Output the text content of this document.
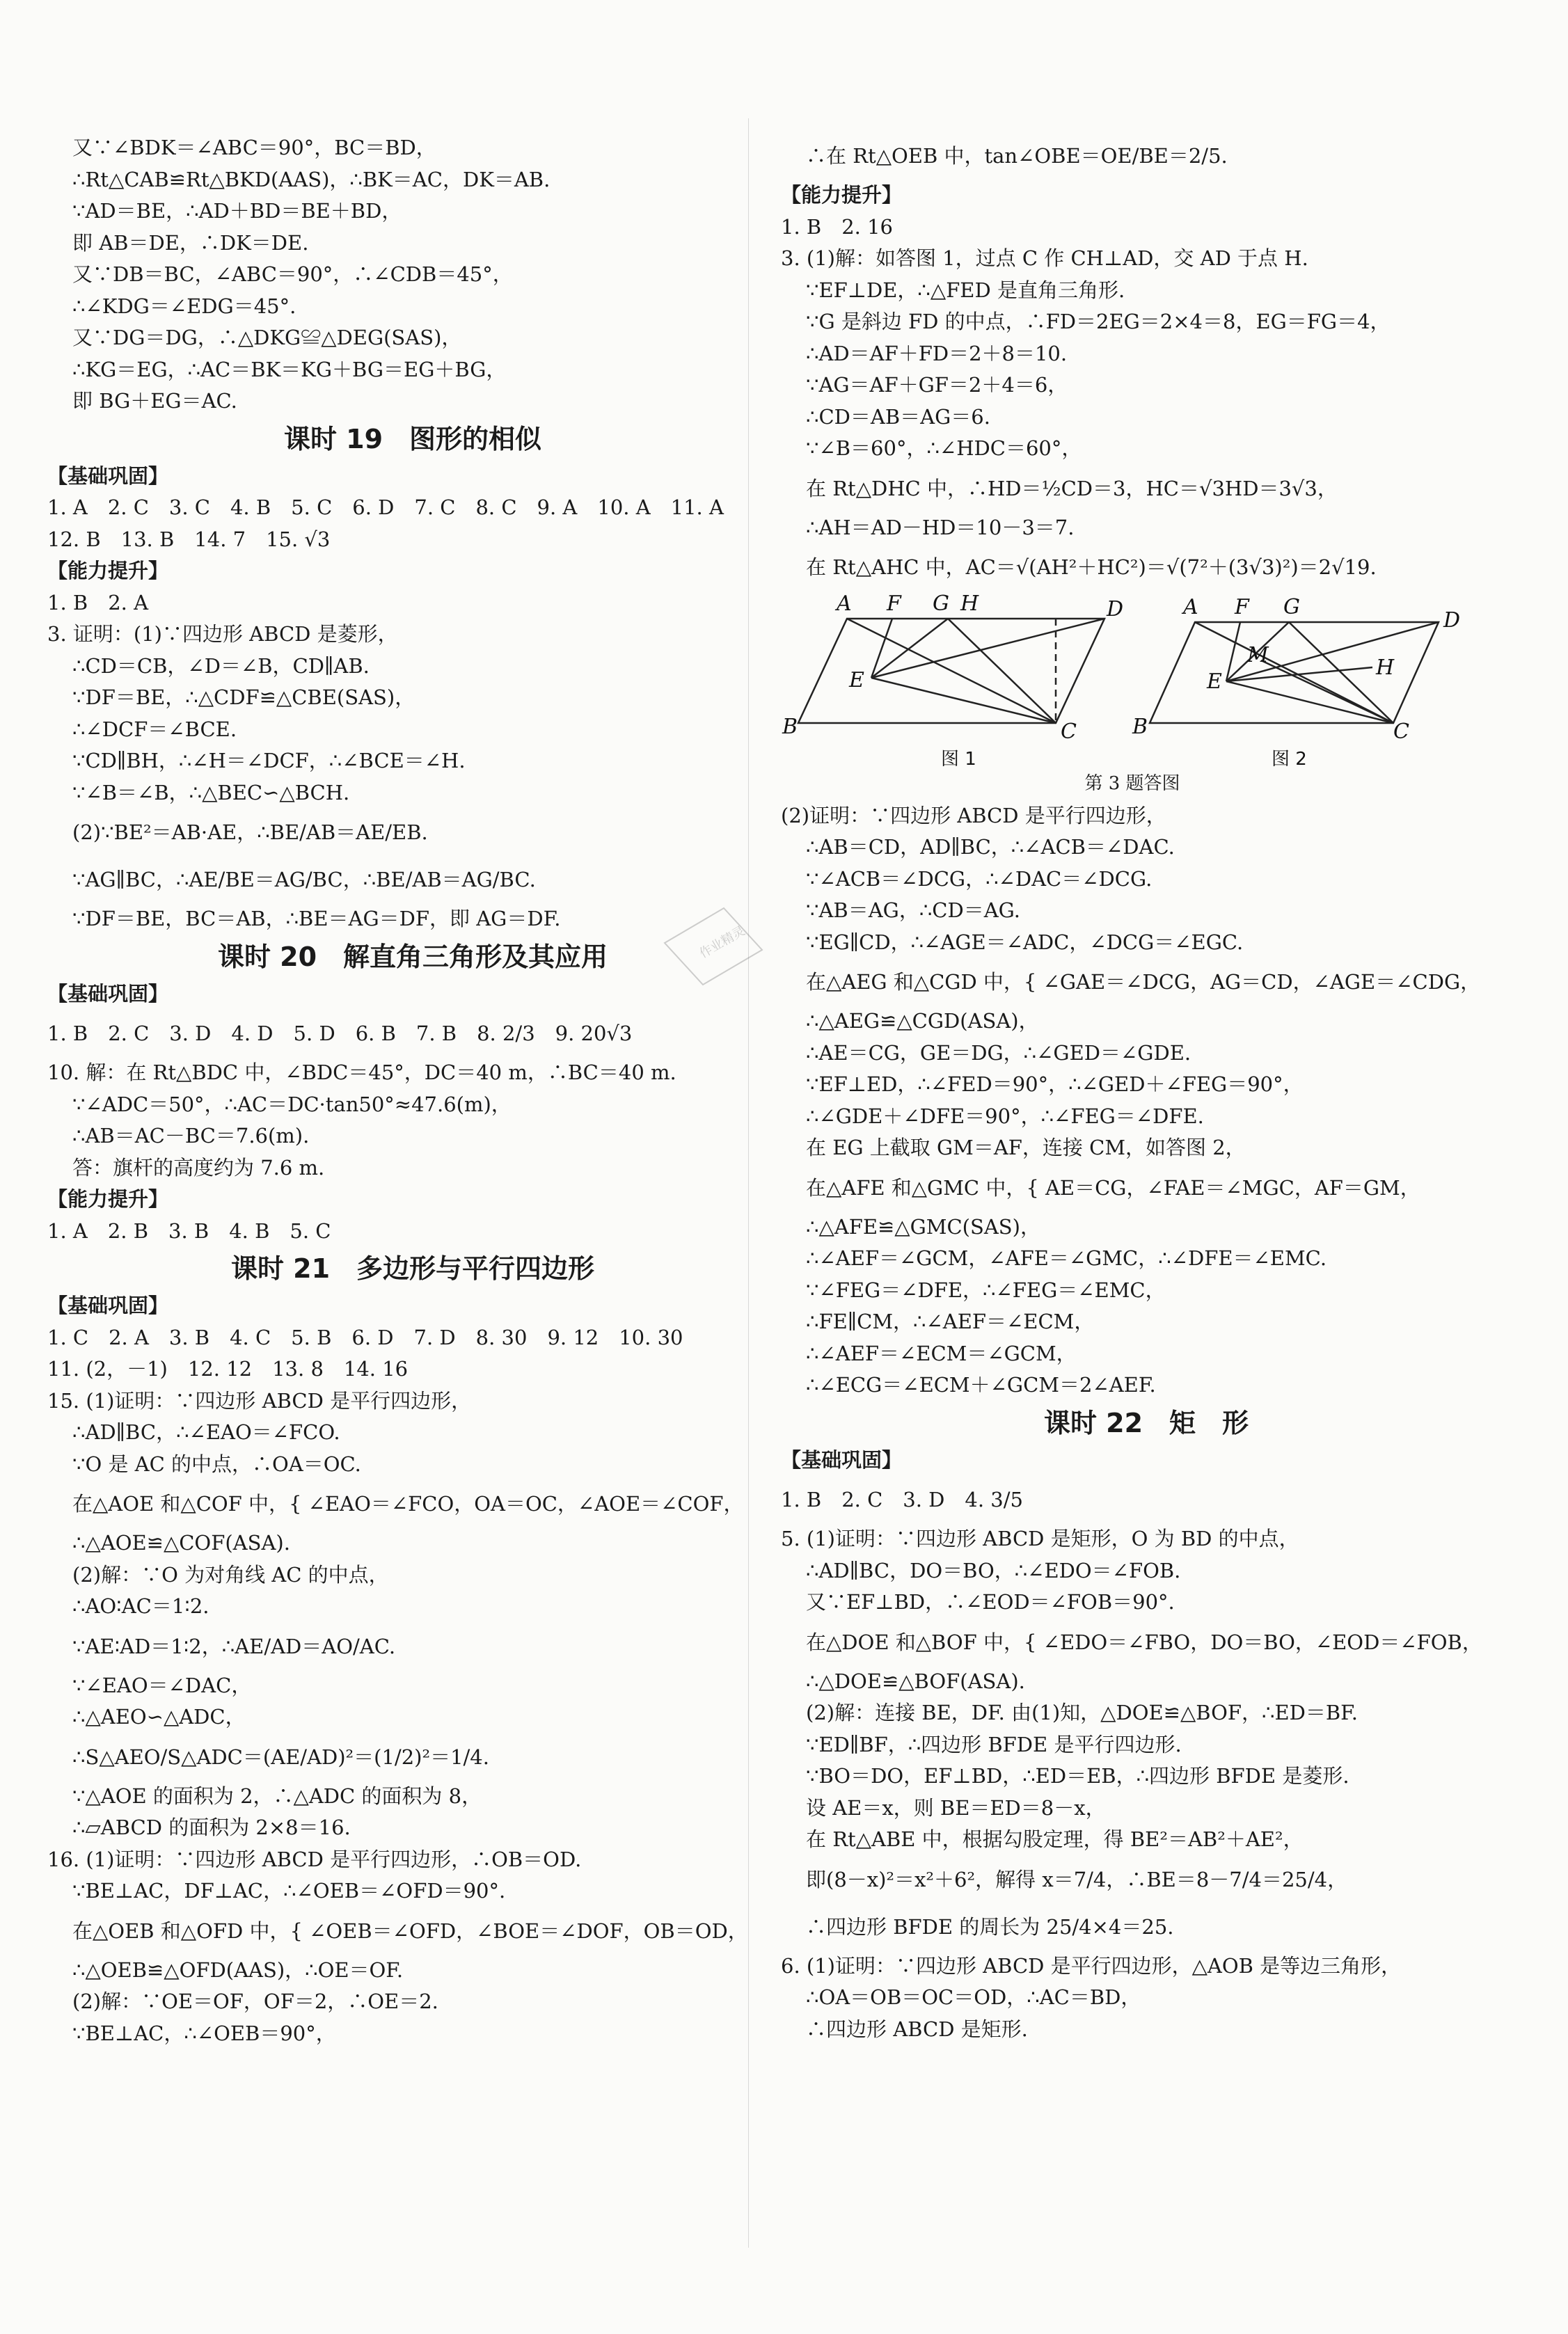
又∵∠BDK＝∠ABC＝90°，BC＝BD，
∴Rt△CAB≌Rt△BKD(AAS)，∴BK＝AC，DK＝AB.
∵AD＝BE，∴AD＋BD＝BE＋BD，
即 AB＝DE，∴DK＝DE.
又∵DB＝BC，∠ABC＝90°，∴∠CDB＝45°，
∴∠KDG＝∠EDG＝45°.
又∵DG＝DG，∴△DKG≌△DEG(SAS)，
∴KG＝EG，∴AC＝BK＝KG＋BG＝EG＋BG，
即 BG＋EG＝AC.
课时 19　图形的相似
【基础巩固】
1. A　2. C　3. C　4. B　5. C　6. D　7. C　8. C　9. A　10. A　11. A
12. B　13. B　14. 7　15. √3
【能力提升】
1. B　2. A
3. 证明：(1)∵四边形 ABCD 是菱形，
∴CD＝CB，∠D＝∠B，CD∥AB.
∵DF＝BE，∴△CDF≌△CBE(SAS)，
∴∠DCF＝∠BCE.
∵CD∥BH，∴∠H＝∠DCF，∴∠BCE＝∠H.
∵∠B＝∠B，∴△BEC∽△BCH.
(2)∵BE²＝AB·AE，∴BE/AB＝AE/EB.
∵AG∥BC，∴AE/BE＝AG/BC，∴BE/AB＝AG/BC.
∵DF＝BE，BC＝AB，∴BE＝AG＝DF，即 AG＝DF.
课时 20　解直角三角形及其应用
【基础巩固】
1. B　2. C　3. D　4. D　5. D　6. B　7. B　8. 2/3　9. 20√3
10. 解：在 Rt△BDC 中，∠BDC＝45°，DC＝40 m，∴BC＝40 m.
∵∠ADC＝50°，∴AC＝DC·tan50°≈47.6(m)，
∴AB＝AC－BC＝7.6(m).
答：旗杆的高度约为 7.6 m.
【能力提升】
1. A　2. B　3. B　4. B　5. C
课时 21　多边形与平行四边形
【基础巩固】
1. C　2. A　3. B　4. C　5. B　6. D　7. D　8. 30　9. 12　10. 30
11. (2，－1)　12. 12　13. 8　14. 16
15. (1)证明：∵四边形 ABCD 是平行四边形，
∴AD∥BC，∴∠EAO＝∠FCO.
∵O 是 AC 的中点，∴OA＝OC.
在△AOE 和△COF 中，{ ∠EAO＝∠FCO，OA＝OC，∠AOE＝∠COF，
∴△AOE≌△COF(ASA).
(2)解：∵O 为对角线 AC 的中点，
∴AO∶AC＝1∶2.
∵AE∶AD＝1∶2，∴AE/AD＝AO/AC.
∵∠EAO＝∠DAC，
∴△AEO∽△ADC，
∴S△AEO/S△ADC＝(AE/AD)²＝(1/2)²＝1/4.
∵△AOE 的面积为 2，∴△ADC 的面积为 8，
∴▱ABCD 的面积为 2×8＝16.
16. (1)证明：∵四边形 ABCD 是平行四边形，∴OB＝OD.
∵BE⊥AC，DF⊥AC，∴∠OEB＝∠OFD＝90°.
在△OEB 和△OFD 中，{ ∠OEB＝∠OFD，∠BOE＝∠DOF，OB＝OD，
∴△OEB≌△OFD(AAS)，∴OE＝OF.
(2)解：∵OE＝OF，OF＝2，∴OE＝2.
∵BE⊥AC，∴∠OEB＝90°，
∴在 Rt△OEB 中，tan∠OBE＝OE/BE＝2/5.
【能力提升】
1. B　2. 16
3. (1)解：如答图 1，过点 C 作 CH⊥AD，交 AD 于点 H.
∵EF⊥DE，∴△FED 是直角三角形.
∵G 是斜边 FD 的中点，∴FD＝2EG＝2×4＝8，EG＝FG＝4，
∴AD＝AF＋FD＝2＋8＝10.
∵AG＝AF＋GF＝2＋4＝6，
∴CD＝AB＝AG＝6.
∵∠B＝60°，∴∠HDC＝60°，
在 Rt△DHC 中，∴HD＝½CD＝3，HC＝√3HD＝3√3，
∴AH＝AD－HD＝10－3＝7.
在 Rt△AHC 中，AC＝√(AH²＋HC²)＝√(7²＋(3√3)²)＝2√19.
A F G H	D
E
B	C
A F G
D
M
E
H
B	C
图 1	图 2
第 3 题答图
(2)证明：∵四边形 ABCD 是平行四边形，
∴AB＝CD，AD∥BC，∴∠ACB＝∠DAC.
∵∠ACB＝∠DCG，∴∠DAC＝∠DCG.
∵AB＝AG，∴CD＝AG.
∵EG∥CD，∴∠AGE＝∠ADC，∠DCG＝∠EGC.
在△AEG 和△CGD 中，{ ∠GAE＝∠DCG，AG＝CD，∠AGE＝∠CDG，
∴△AEG≌△CGD(ASA)，
∴AE＝CG，GE＝DG，∴∠GED＝∠GDE.
∵EF⊥ED，∴∠FED＝90°，∴∠GED＋∠FEG＝90°，
∴∠GDE＋∠DFE＝90°，∴∠FEG＝∠DFE.
在 EG 上截取 GM＝AF，连接 CM，如答图 2，
在△AFE 和△GMC 中，{ AE＝CG，∠FAE＝∠MGC，AF＝GM，
∴△AFE≌△GMC(SAS)，
∴∠AEF＝∠GCM，∠AFE＝∠GMC，∴∠DFE＝∠EMC.
∵∠FEG＝∠DFE，∴∠FEG＝∠EMC，
∴FE∥CM，∴∠AEF＝∠ECM，
∴∠AEF＝∠ECM＝∠GCM，
∴∠ECG＝∠ECM＋∠GCM＝2∠AEF.
课时 22　矩　形
【基础巩固】
1. B　2. C　3. D　4. 3/5
5. (1)证明：∵四边形 ABCD 是矩形，O 为 BD 的中点，
∴AD∥BC，DO＝BO，∴∠EDO＝∠FOB.
又∵EF⊥BD，∴∠EOD＝∠FOB＝90°.
在△DOE 和△BOF 中，{ ∠EDO＝∠FBO，DO＝BO，∠EOD＝∠FOB，
∴△DOE≌△BOF(ASA).
(2)解：连接 BE，DF. 由(1)知，△DOE≌△BOF，∴ED＝BF.
∵ED∥BF，∴四边形 BFDE 是平行四边形.
∵BO＝DO，EF⊥BD，∴ED＝EB，∴四边形 BFDE 是菱形.
设 AE＝x，则 BE＝ED＝8－x，
在 Rt△ABE 中，根据勾股定理，得 BE²＝AB²＋AE²，
即(8－x)²＝x²＋6²，解得 x＝7/4，∴BE＝8－7/4＝25/4，
∴四边形 BFDE 的周长为 25/4×4＝25.
6. (1)证明：∵四边形 ABCD 是平行四边形，△AOB 是等边三角形，
∴OA＝OB＝OC＝OD，∴AC＝BD，
∴四边形 ABCD 是矩形.
作业精灵
